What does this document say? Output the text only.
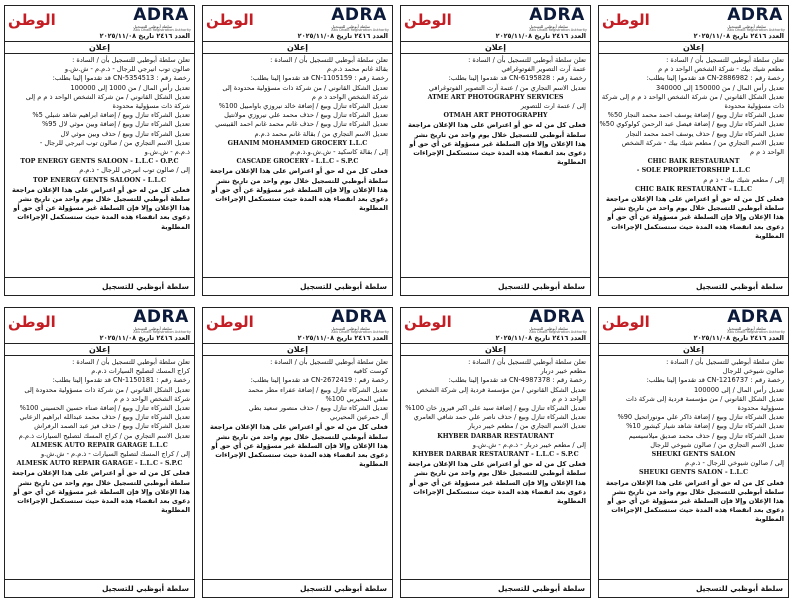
الوطن	ADRA
سلطة أبوظبي للتسجيل
Abu Dhabi Registration Authority
العدد ٢٤١٦ تاريخ ٢٠٢٥/١١/٠٨
إعلان
تعلن سلطة أبوظبي للتسجيل بأن / السادة :
صالون توب انيرجي للرجال - ذ.م.م - ش.ش.و
رخصة رقم : CN-5354513 قد تقدموا إلينا بطلب:
تعديل رأس المال / من 1000 إلى 100000
تعديل الشكل القانوني / من شركة الشخص الواحد ذ م م إلى
شركة ذات مسؤولية محدودة
تعديل الشركاء تنازل وبيع / إضافة ابراهيم شاهد شبلي 5%
تعديل الشركاء تنازل وبيع / إضافة وبين موثي لال 95%
تعديل الشركاء تنازل وبيع / حذف وبين موثي لال
تعديل الاسم التجاري من / صالون توب انيرجي للرجال -
ذ.م.م - ش.ش.و
TOP ENERGY GENTS SALOON - L.L.C - O.P.C
إلى / صالون توب انيرجي للرجال - ذ.م.م
TOP ENERGY GENTS SALOON - L.L.C
فعلى كل من له حق أو اعتراض على هذا الإعلان مراجعة سلطة أبوظبي للتسجيل خلال يوم واحد من تاريخ نشر هذا الإعلان وإلا فإن السلطة غير مسؤولة عن أي حق أو دعوى بعد انقضاء هذه المدة حيث ستستكمل الإجراءات المطلوبة
سلطة أبوظبي للتسجيل
الوطن	ADRA
سلطة أبوظبي للتسجيل
Abu Dhabi Registration Authority
العدد ٢٤١٦ تاريخ ٢٠٢٥/١١/٠٨
إعلان
تعلن سلطة أبوظبي للتسجيل بأن / السادة :
بقالة غانم محمد ذ.م.م
رخصة رقم : CN-1105159 قد تقدموا إلينا بطلب:
تعديل الشكل القانوني / من شركة ذات مسؤولية محدودة إلى
شركة الشخص الواحد ذ م م
تعديل الشركاء تنازل وبيع / إضافة خالد نيروزي باوامبيل 100%
تعديل الشركاء تنازل وبيع / حذف محمد علي نيروزي مولانتيل
تعديل الشركاء تنازل وبيع / حذف غانم محمد غانم احمد القبيسي
تعديل الاسم التجاري من / بقالة غانم محمد ذ.م.م
GHANIM MOHAMMED GROCERY L.L.C
إلى / بقالة كاسكيد - ش.ش.و.ذ.م.م
CASCADE GROCERY - L.L.C - S.P.C
فعلى كل من له حق أو اعتراض على هذا الإعلان مراجعة سلطة أبوظبي للتسجيل خلال يوم واحد من تاريخ نشر هذا الإعلان وإلا فإن السلطة غير مسؤولة عن أي حق أو دعوى بعد انقضاء هذه المدة حيث ستستكمل الإجراءات المطلوبة
سلطة أبوظبي للتسجيل
الوطن	ADRA
سلطة أبوظبي للتسجيل
Abu Dhabi Registration Authority
العدد ٢٤١٦ تاريخ ٢٠٢٥/١١/٠٨
إعلان
تعلن سلطة أبوظبي للتسجيل بأن / السادة :
عتمة آرت التصوير الفوتوغرافي
رخصة رقم : CN-6195828 قد تقدموا إلينا بطلب:
تعديل الاسم التجاري من / عتمة آرت التصوير الفوتوغرافي
ATME ART PHOTOGRAPHY SERVICES
إلى / عتمة ارت للتصوير
OTMAH ART PHOTOGRAPHY
فعلى كل من له حق أو اعتراض على هذا الإعلان مراجعة سلطة أبوظبي للتسجيل خلال يوم واحد من تاريخ نشر هذا الإعلان وإلا فإن السلطة غير مسؤولة عن أي حق أو دعوى بعد انقضاء هذه المدة حيث ستستكمل الإجراءات المطلوبة
سلطة أبوظبي للتسجيل
الوطن	ADRA
سلطة أبوظبي للتسجيل
Abu Dhabi Registration Authority
العدد ٢٤١٦ تاريخ ٢٠٢٥/١١/٠٨
إعلان
تعلن سلطة أبوظبي للتسجيل بأن / السادة :
مطعم شيك بيك - شركة الشخص الواحد ذ م م
رخصة رقم : CN-2886982 قد تقدموا إلينا بطلب:
تعديل رأس المال / من 150000 إلى 340000
تعديل الشكل القانوني / من شركة الشخص الواحد ذ م م إلى شركة
ذات مسؤولية محدودة
تعديل الشركاء تنازل وبيع / إضافة يوسف احمد محمد النجار 50%
تعديل الشركاء تنازل وبيع / إضافة فيصل عبد الرحمن كولوكوي 50%
تعديل الشركاء تنازل وبيع / حذف يوسف احمد محمد النجار
تعديل الاسم التجاري من / مطعم شيك بيك - شركة الشخص
الواحد ذ م م
CHIC BAIK RESTAURANT
- SOLE PROPRIETORSHIP L.L.C
إلى / مطعم شيك بيك - ذ م م
CHIC BAIK RESTAURANT - L.L.C
فعلى كل من له حق أو اعتراض على هذا الإعلان مراجعة سلطة أبوظبي للتسجيل خلال يوم واحد من تاريخ نشر هذا الإعلان وإلا فإن السلطة غير مسؤولة عن أي حق أو دعوى بعد انقضاء هذه المدة حيث ستستكمل الإجراءات المطلوبة
سلطة أبوظبي للتسجيل
الوطن	ADRA
سلطة أبوظبي للتسجيل
Abu Dhabi Registration Authority
العدد ٢٤١٦ تاريخ ٢٠٢٥/١١/٠٨
إعلان
تعلن سلطة أبوظبي للتسجيل بأن / السادة :
كراج المسك لتصليح السيارات ذ.م.م
رخصة رقم : CN-1150181 قد تقدموا إلينا بطلب:
تعديل الشكل القانوني / من شركة ذات مسؤولية محدودة إلى
شركة الشخص الواحد ذ م م
تعديل الشركاء تنازل وبيع / إضافة صناء حسين الحسيني 100%
تعديل الشركاء تنازل وبيع / حذف محمد عبدالله ابراهيم الزعابي
تعديل الشركاء تنازل وبيع / حذف فيز عبد الصمد الرفراش
تعديل الاسم التجاري من / كراج المسك لتصليح السيارات ذ.م.م
ALMESK AUTO REPAIR GARAGE L.L.C
إلى / كراج المسك لتصليح السيارات - ذ.م.م - ش.ش.و
ALMESK AUTO REPAIR GARAGE - L.L.C - S.P.C
فعلى كل من له حق أو اعتراض على هذا الإعلان مراجعة سلطة أبوظبي للتسجيل خلال يوم واحد من تاريخ نشر هذا الإعلان وإلا فإن السلطة غير مسؤولة عن أي حق أو دعوى بعد انقضاء هذه المدة حيث ستستكمل الإجراءات المطلوبة
سلطة أبوظبي للتسجيل
الوطن	ADRA
سلطة أبوظبي للتسجيل
Abu Dhabi Registration Authority
العدد ٢٤١٦ تاريخ ٢٠٢٥/١١/٠٨
إعلان
تعلن سلطة أبوظبي للتسجيل بأن / السادة :
كوست كافيه
رخصة رقم : CN-2672419 قد تقدموا إلينا بطلب:
تعديل الشركاء تنازل وبيع / إضافة عفراء مطر محمد
ملفي المحيربي 100%
تعديل الشركاء تنازل وبيع / حذف منصور سعيد بطي
آل حمرعين المحيربي
فعلى كل من له حق أو اعتراض على هذا الإعلان مراجعة سلطة أبوظبي للتسجيل خلال يوم واحد من تاريخ نشر هذا الإعلان وإلا فإن السلطة غير مسؤولة عن أي حق أو دعوى بعد انقضاء هذه المدة حيث ستستكمل الإجراءات المطلوبة
سلطة أبوظبي للتسجيل
الوطن	ADRA
سلطة أبوظبي للتسجيل
Abu Dhabi Registration Authority
العدد ٢٤١٦ تاريخ ٢٠٢٥/١١/٠٨
إعلان
تعلن سلطة أبوظبي للتسجيل بأن / السادة :
مطعم خيبر دربار
رخصة رقم : CN-4987378 قد تقدموا إلينا بطلب:
تعديل الشكل القانوني / من مؤسسة فردية إلى شركة الشخص
الواحد ذ م م
تعديل الشركاء تنازل وبيع / إضافة سيد علي اكبر فيروز خان 100%
تعديل الشركاء تنازل وبيع / حذف ناصر علي حمد شافي العامري
تعديل الاسم التجاري من / مطعم خيبر دربار
KHYBER DARBAR RESTAURANT
إلى / مطعم خيبر دربار - ذ.م.م - ش.ش.و
KHYBER DARBAR RESTAURANT - L.L.C - S.P.C
فعلى كل من له حق أو اعتراض على هذا الإعلان مراجعة سلطة أبوظبي للتسجيل خلال يوم واحد من تاريخ نشر هذا الإعلان وإلا فإن السلطة غير مسؤولة عن أي حق أو دعوى بعد انقضاء هذه المدة حيث ستستكمل الإجراءات المطلوبة
سلطة أبوظبي للتسجيل
الوطن	ADRA
سلطة أبوظبي للتسجيل
Abu Dhabi Registration Authority
العدد ٢٤١٦ تاريخ ٢٠٢٥/١١/٠٨
إعلان
تعلن سلطة أبوظبي للتسجيل بأن / السادة :
صالون شيوخي للرجال
رخصة رقم : CN-1216737 قد تقدموا إلينا بطلب:
تعديل رأس المال / إلى 100000
تعديل الشكل القانوني / من مؤسسة فردية إلى شركة ذات
مسؤولية محدودة
تعديل الشركاء تنازل وبيع / إضافة ذاكر علي مونوراتحيل 90%
تعديل الشركاء تنازل وبيع / إضافة شاهد شيار كيشور 10%
تعديل الشركاء تنازل وبيع / حذف محمد صديق ميلاسيسيم
تعديل الاسم التجاري من / صالون شيوخي للرجال
SHEUKI GENTS SALON
إلى / صالون شيوخي للرجال - ذ.م.م
SHEUKI GENTS SALON - L.L.C
فعلى كل من له حق أو اعتراض على هذا الإعلان مراجعة سلطة أبوظبي للتسجيل خلال يوم واحد من تاريخ نشر هذا الإعلان وإلا فإن السلطة غير مسؤولة عن أي حق أو دعوى بعد انقضاء هذه المدة حيث ستستكمل الإجراءات المطلوبة
سلطة أبوظبي للتسجيل
